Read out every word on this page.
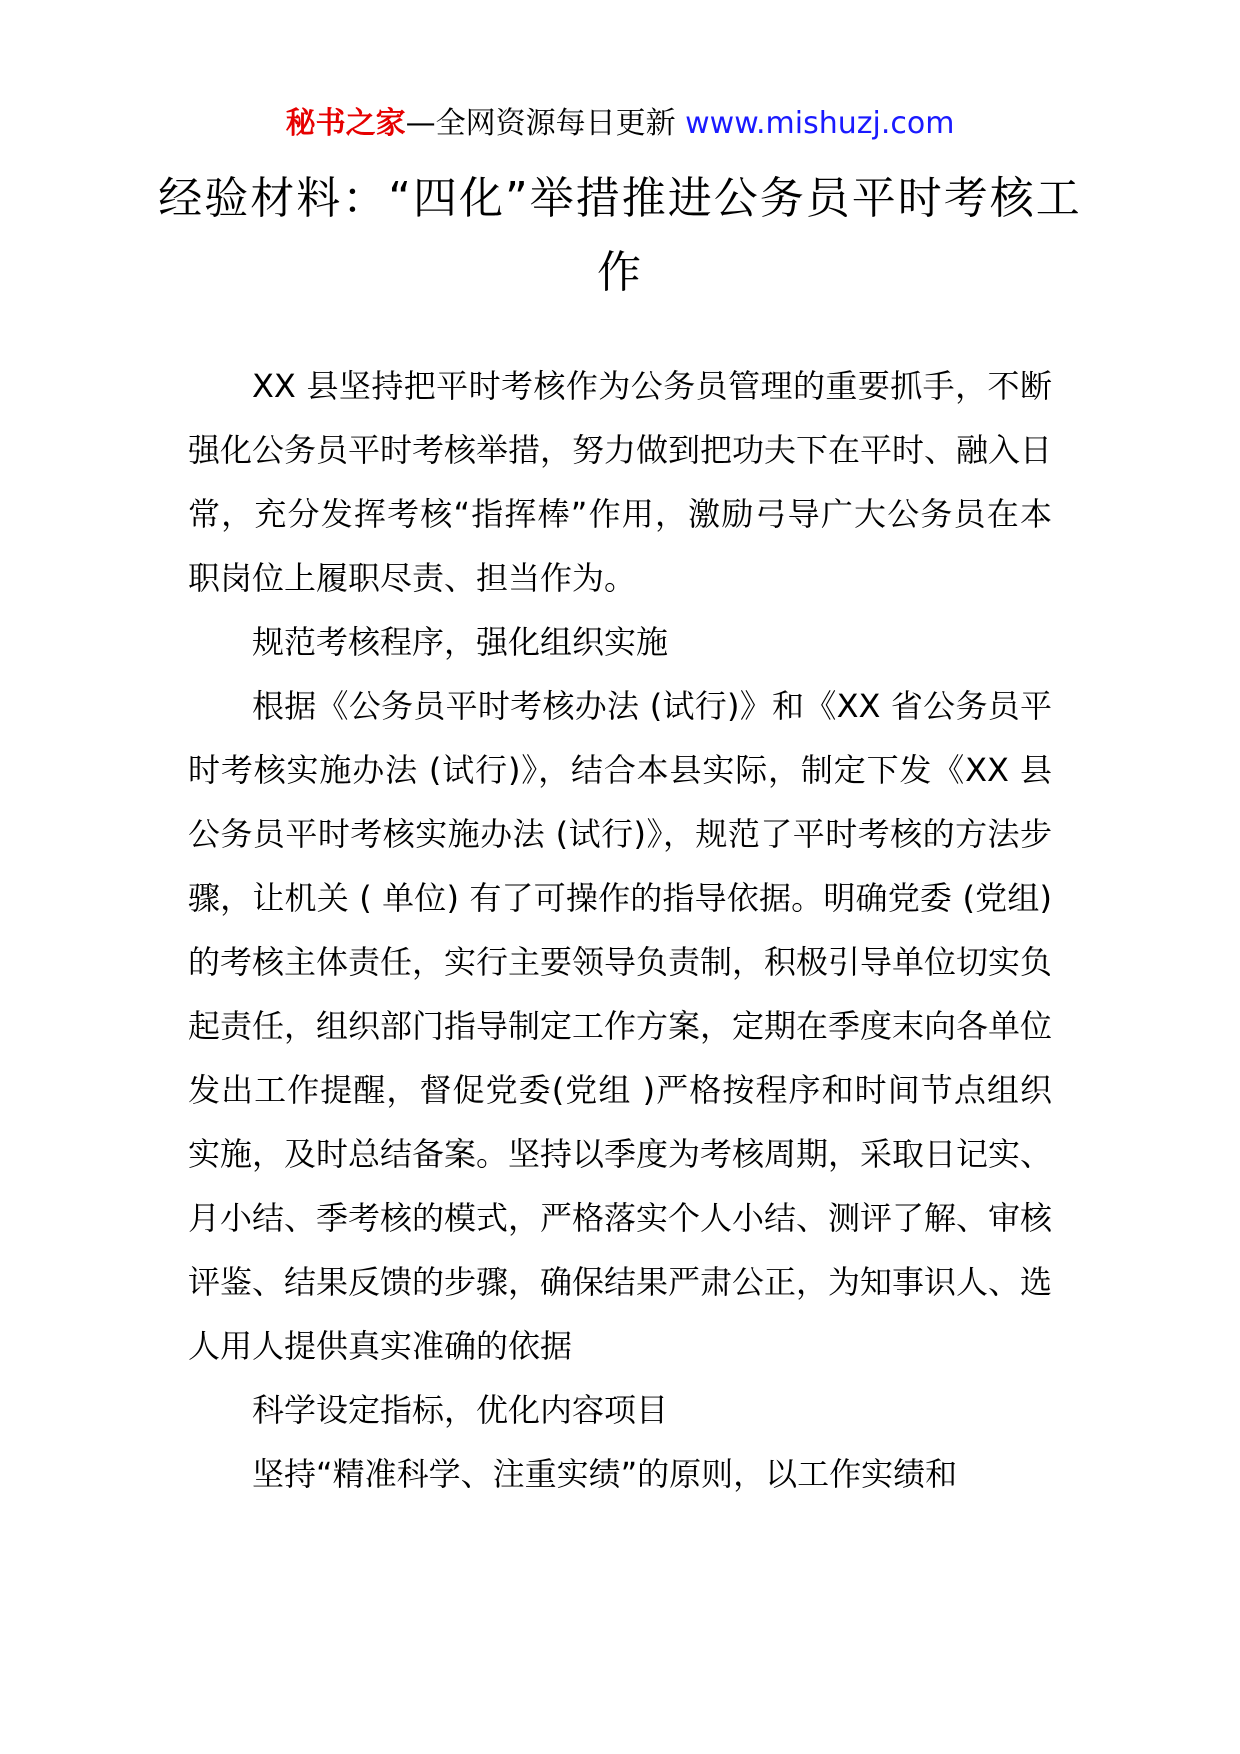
秘书之家—全网资源每日更新 www.mishuzj.com
经验材料：“四化”举措推进公务员平时考核工作

XX 县坚持把平时考核作为公务员管理的重要抓手，不断强化公务员平时考核举措，努力做到把功夫下在平时、融入日常，充分发挥考核“指挥棒”作用，激励弓导广大公务员在本职岗位上履职尽责、担当作为。

规范考核程序，强化组织实施

根据《公务员平时考核办法 (试行)》和《XX 省公务员平时考核实施办法 (试行)》，结合本县实际，制定下发《XX 县公务员平时考核实施办法 (试行)》，规范了平时考核的方法步骤，让机关 ( 单位) 有了可操作的指导依据。明确党委 (党组) 的考核主体责任，实行主要领导负责制，积极引导单位切实负起责任，组织部门指导制定工作方案，定期在季度末向各单位发出工作提醒，督促党委(党组 )严格按程序和时间节点组织实施，及时总结备案。坚持以季度为考核周期，采取日记实、月小结、季考核的模式，严格落实个人小结、测评了解、审核评鉴、结果反馈的步骤，确保结果严肃公正，为知事识人、选人用人提供真实准确的依据

科学设定指标，优化内容项目

坚持“精准科学、注重实绩”的原则，以工作实绩和
